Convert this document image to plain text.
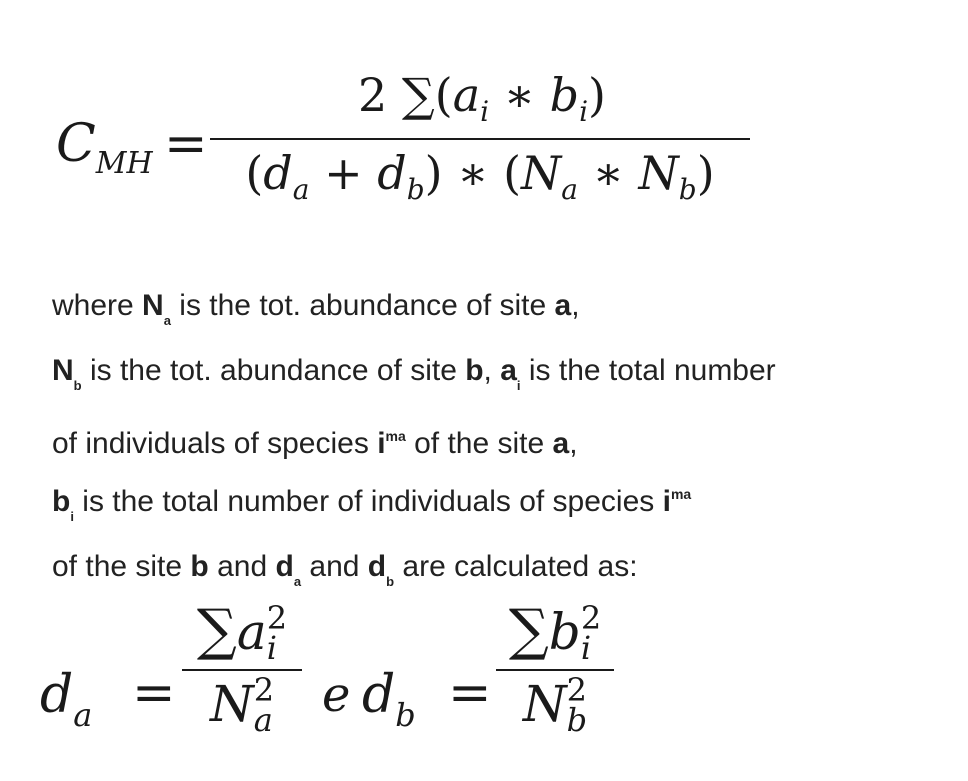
$C_{MH}$ =
2 $\sum(a_i$ ∗ $b_i$)
$(d_a + d_b)$ ∗ ($N_a$ ∗ $N_b$)
where $N_a$ is the tot. abundance of site a,
$N_b$ is the tot. abundance of site b, $a_i$ is the total number
of individuals of species $i^{ma}$ of the site a,
$b_i$ is the total number of individuals of species $i^{ma}$
of the site b and $d_a$ and $d_b$ are calculated as:
$d_a$ =
∑a 2
i
N 2
a e $d_b$ =
∑b 2
i
N 2
b
